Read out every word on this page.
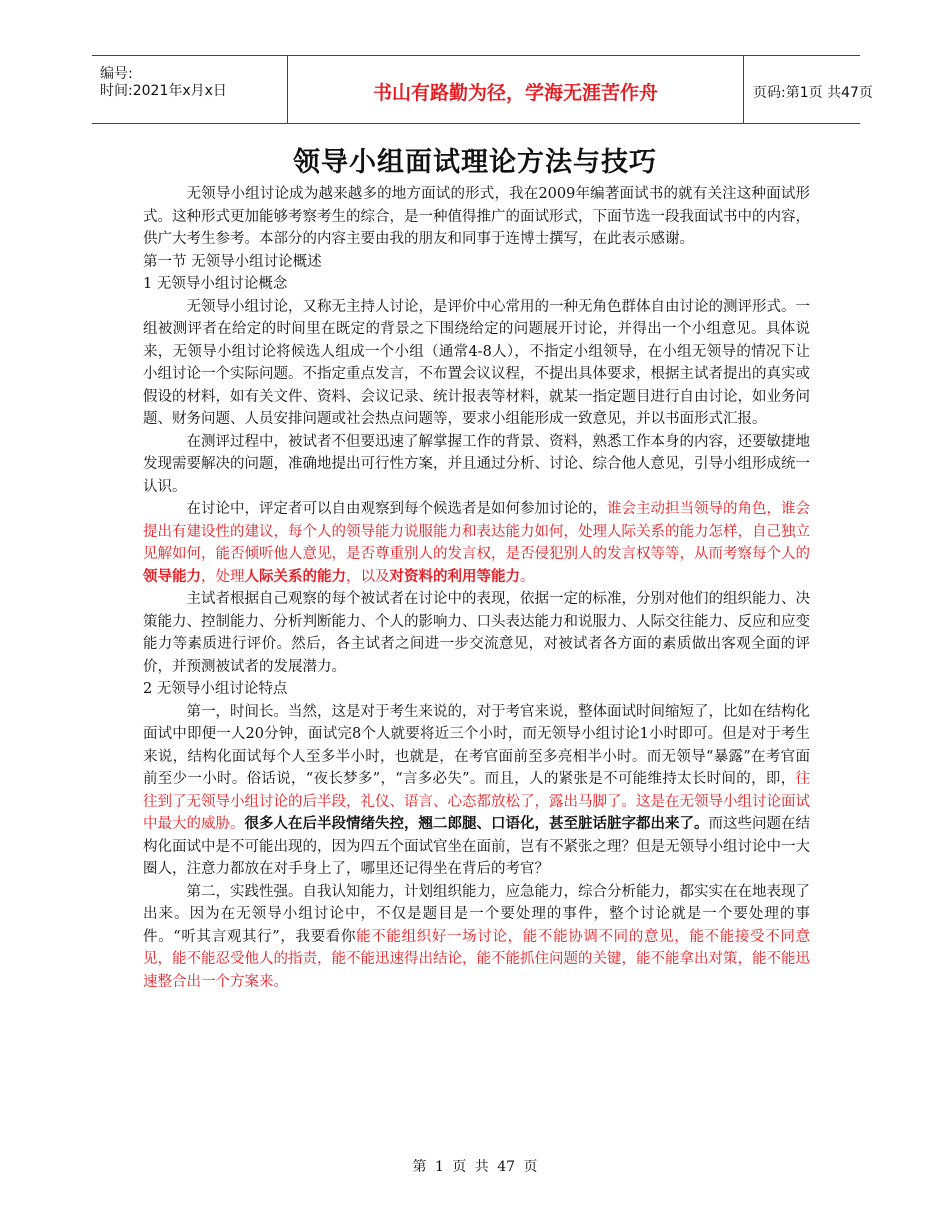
编号:
时间:2021年x月x日	书山有路勤为径，学海无涯苦作舟	页码:第1页 共47页
领导小组面试理论方法与技巧

无领导小组讨论成为越来越多的地方面试的形式，我在2009年编著面试书的就有关注这种面试形式。这种形式更加能够考察考生的综合，是一种值得推广的面试形式，下面节选一段我面试书中的内容，供广大考生参考。本部分的内容主要由我的朋友和同事于连博士撰写，在此表示感谢。

第一节 无领导小组讨论概述

1 无领导小组讨论概念

无领导小组讨论，又称无主持人讨论，是评价中心常用的一种无角色群体自由讨论的测评形式。一组被测评者在给定的时间里在既定的背景之下围绕给定的问题展开讨论，并得出一个小组意见。具体说来，无领导小组讨论将候选人组成一个小组（通常4-8人），不指定小组领导，在小组无领导的情况下让小组讨论一个实际问题。不指定重点发言，不布置会议议程，不提出具体要求，根据主试者提出的真实或假设的材料，如有关文件、资料、会议记录、统计报表等材料，就某一指定题目进行自由讨论，如业务问题、财务问题、人员安排问题或社会热点问题等，要求小组能形成一致意见，并以书面形式汇报。

在测评过程中，被试者不但要迅速了解掌握工作的背景、资料，熟悉工作本身的内容，还要敏捷地发现需要解决的问题，准确地提出可行性方案，并且通过分析、讨论、综合他人意见，引导小组形成统一认识。

在讨论中，评定者可以自由观察到每个候选者是如何参加讨论的，谁会主动担当领导的角色，谁会提出有建设性的建议，每个人的领导能力说服能力和表达能力如何，处理人际关系的能力怎样，自己独立见解如何，能否倾听他人意见，是否尊重别人的发言权，是否侵犯别人的发言权等等，从而考察每个人的领导能力，处理人际关系的能力，以及对资料的利用等能力。

主试者根据自己观察的每个被试者在讨论中的表现，依据一定的标准，分别对他们的组织能力、决策能力、控制能力、分析判断能力、个人的影响力、口头表达能力和说服力、人际交往能力、反应和应变能力等素质进行评价。然后，各主试者之间进一步交流意见，对被试者各方面的素质做出客观全面的评价，并预测被试者的发展潜力。

2 无领导小组讨论特点

第一，时间长。当然，这是对于考生来说的，对于考官来说，整体面试时间缩短了，比如在结构化面试中即便一人20分钟，面试完8个人就要将近三个小时，而无领导小组讨论1小时即可。但是对于考生来说，结构化面试每个人至多半小时，也就是，在考官面前至多亮相半小时。而无领导“暴露”在考官面前至少一小时。俗话说，“夜长梦多”，“言多必失”。而且，人的紧张是不可能维持太长时间的，即，往往到了无领导小组讨论的后半段，礼仪、语言、心态都放松了，露出马脚了。这是在无领导小组讨论面试中最大的威胁。很多人在后半段情绪失控，翘二郎腿、口语化，甚至脏话脏字都出来了。而这些问题在结构化面试中是不可能出现的，因为四五个面试官坐在面前，岂有不紧张之理？但是无领导小组讨论中一大圈人，注意力都放在对手身上了，哪里还记得坐在背后的考官？

第二，实践性强。自我认知能力，计划组织能力，应急能力，综合分析能力，都实实在在地表现了出来。因为在无领导小组讨论中，不仅是题目是一个要处理的事件，整个讨论就是一个要处理的事件。“听其言观其行”，我要看你能不能组织好一场讨论，能不能协调不同的意见，能不能接受不同意见，能不能忍受他人的指责，能不能迅速得出结论，能不能抓住问题的关键，能不能拿出对策，能不能迅速整合出一个方案来。

第 1 页 共 47 页
